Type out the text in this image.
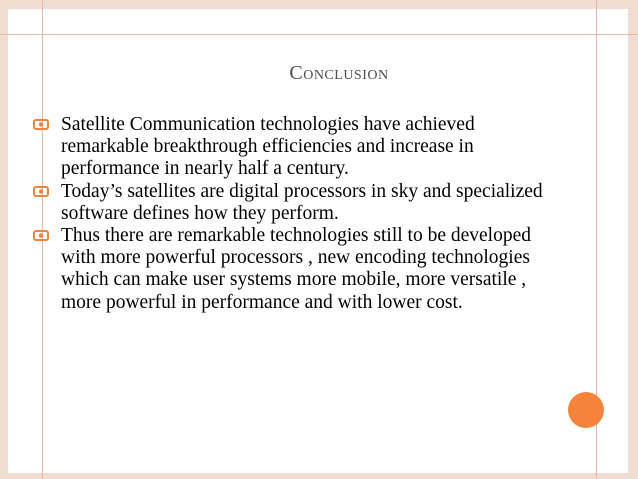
Conclusion

Satellite Communication technologies have achieved remarkable breakthrough efficiencies and increase in performance in nearly half a century.

Today’s satellites are digital processors in sky and specialized software defines how they perform.

Thus there are remarkable technologies still to be developed with more powerful processors , new encoding technologies which can make user systems more mobile, more versatile , more powerful in performance and with lower cost.
